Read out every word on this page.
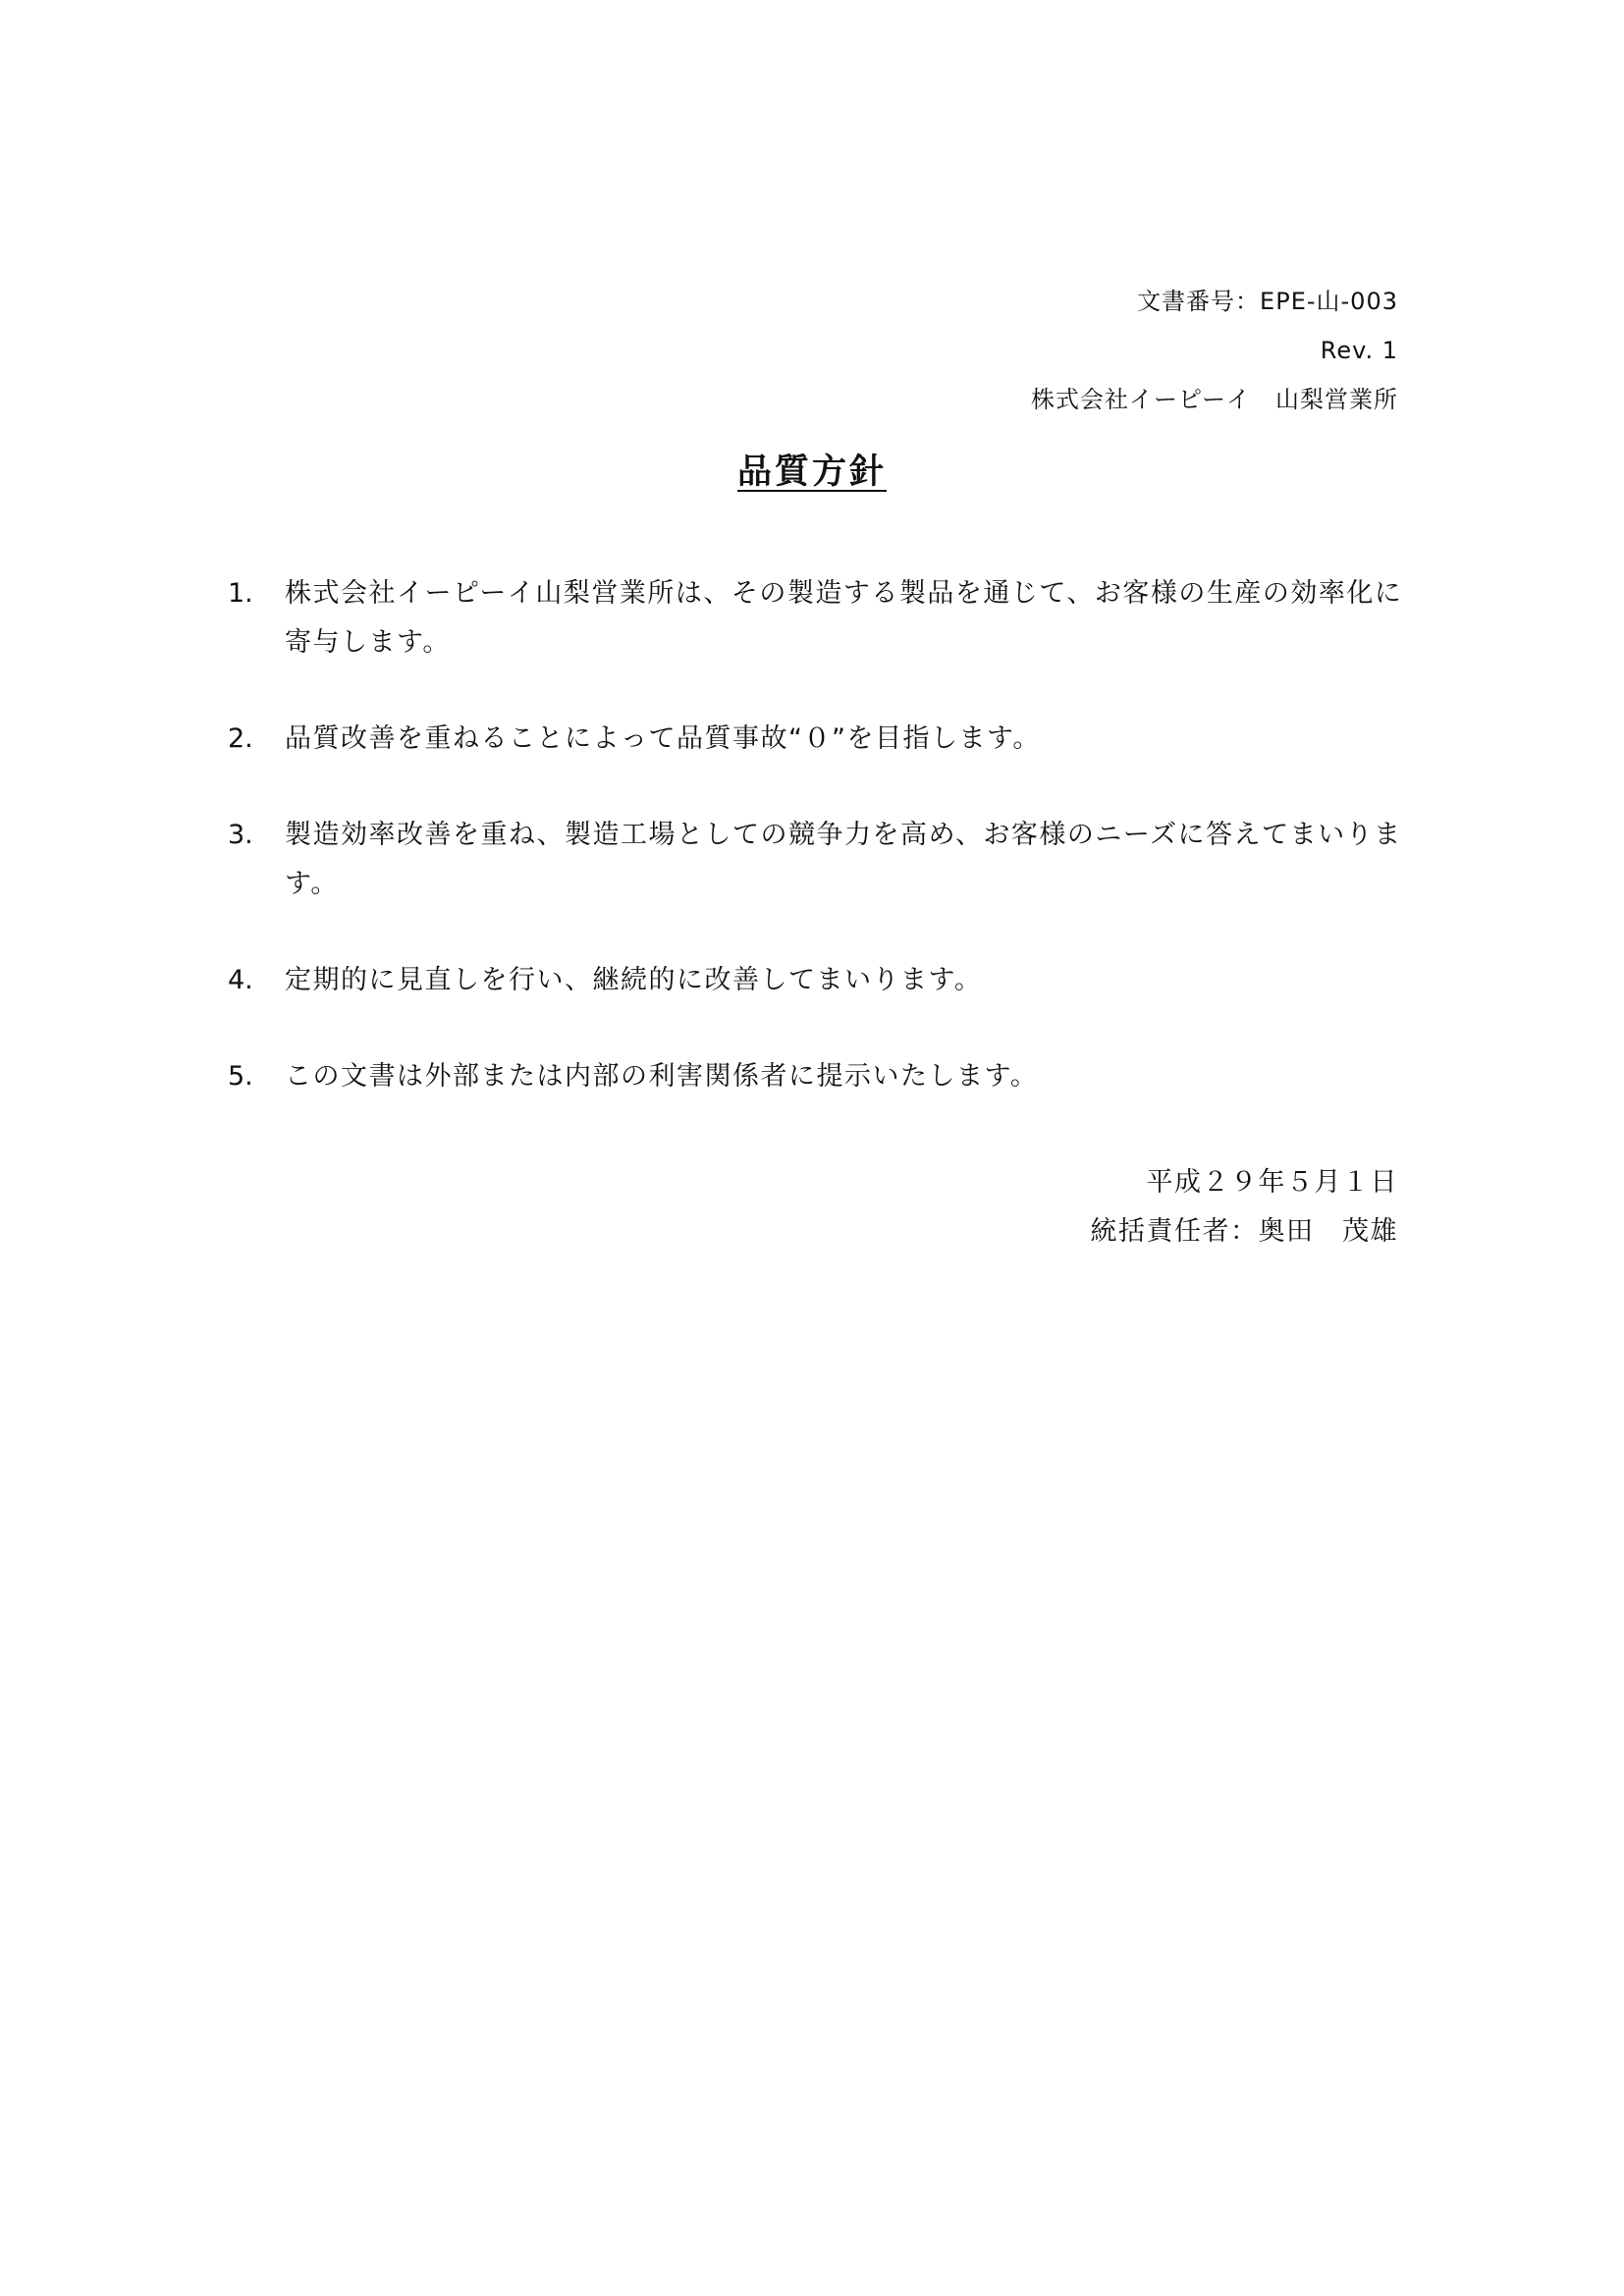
文書番号：EPE-山-003
Rev. 1
株式会社イーピーイ　山梨営業所
品質方針
1.	株式会社イーピーイ山梨営業所は、その製造する製品を通じて、お客様の生産の効率化に寄与します。
2.	品質改善を重ねることによって品質事故“０”を目指します。
3.	製造効率改善を重ね、製造工場としての競争力を高め、お客様のニーズに答えてまいります。
4.	定期的に見直しを行い、継続的に改善してまいります。
5.	この文書は外部または内部の利害関係者に提示いたします。
平成２９年５月１日
統括責任者：奥田　茂雄
